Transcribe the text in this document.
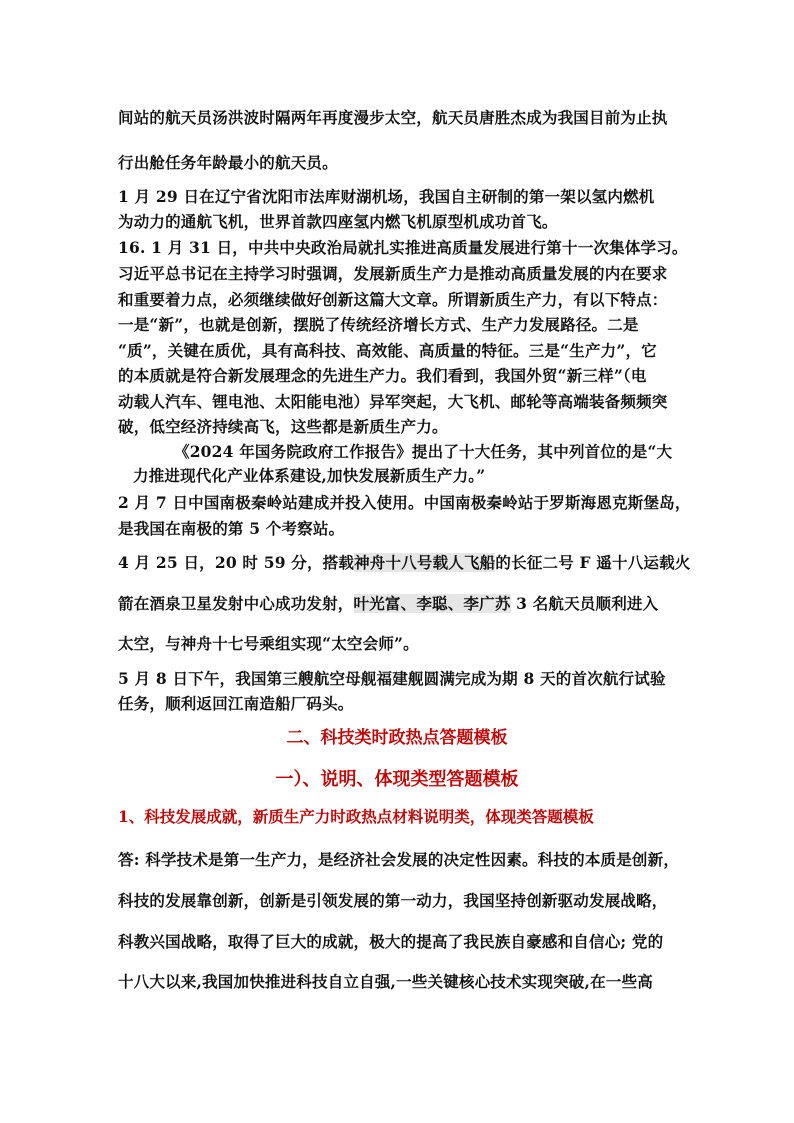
间站的航天员汤洪波时隔两年再度漫步太空，航天员唐胜杰成为我国目前为止执
行出舱任务年龄最小的航天员。
1 月 29 日在辽宁省沈阳市法库财湖机场，我国自主研制的第一架以氢内燃机
为动力的通航飞机，世界首款四座氢内燃飞机原型机成功首飞。
16. 1 月 31 日，中共中央政治局就扎实推进高质量发展进行第十一次集体学习。
习近平总书记在主持学习时强调，发展新质生产力是推动高质量发展的内在要求
和重要着力点，必须继续做好创新这篇大文章。所谓新质生产力，有以下特点：
一是“新”，也就是创新，摆脱了传统经济增长方式、生产力发展路径。二是
“质”，关键在质优，具有高科技、高效能、高质量的特征。三是“生产力”，它
的本质就是符合新发展理念的先进生产力。我们看到，我国外贸“新三样”（电
动载人汽车、锂电池、太阳能电池）异军突起，大飞机、邮轮等高端装备频频突
破，低空经济持续高飞，这些都是新质生产力。
《2024 年国务院政府工作报告》提出了十大任务，其中列首位的是“大
力推进现代化产业体系建设,加快发展新质生产力。”
2 月 7 日中国南极秦岭站建成并投入使用。中国南极秦岭站于罗斯海恩克斯堡岛，
是我国在南极的第 5 个考察站。
4 月 25 日，20 时 59 分，搭载神舟十八号载人飞船的长征二号 F 遥十八运载火
箭在酒泉卫星发射中心成功发射，叶光富、李聪、李广苏 3 名航天员顺利进入
太空，与神舟十七号乘组实现“太空会师”。
5 月 8 日下午，我国第三艘航空母舰福建舰圆满完成为期 8 天的首次航行试验
任务，顺利返回江南造船厂码头。
二、科技类时政热点答题模板
一）、说明、体现类型答题模板
1、科技发展成就，新质生产力时政热点材料说明类，体现类答题模板
答: 科学技术是第一生产力，是经济社会发展的决定性因素。科技的本质是创新，
科技的发展靠创新，创新是引领发展的第一动力，我国坚持创新驱动发展战略，
科教兴国战略，取得了巨大的成就，极大的提高了我民族自豪感和自信心; 党的
十八大以来,我国加快推进科技自立自强,一些关键核心技术实现突破,在一些高
